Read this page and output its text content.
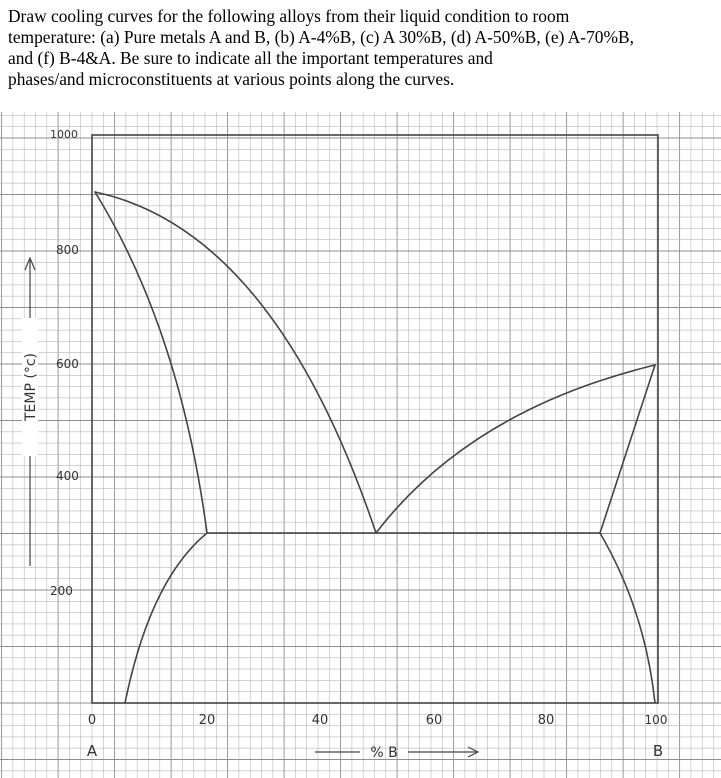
Draw cooling curves for the following alloys from their liquid condition to room

temperature: (a) Pure metals A and B, (b) A-4%B, (c) A 30%B, (d) A-50%B, (e) A-70%B,

and (f) B-4&A. Be sure to indicate all the important temperatures and

phases/and microconstituents at various points along the curves.

1000
800
600
400
200
0	20	40	60	80	100
A	B
% B
TEMP (°c)
